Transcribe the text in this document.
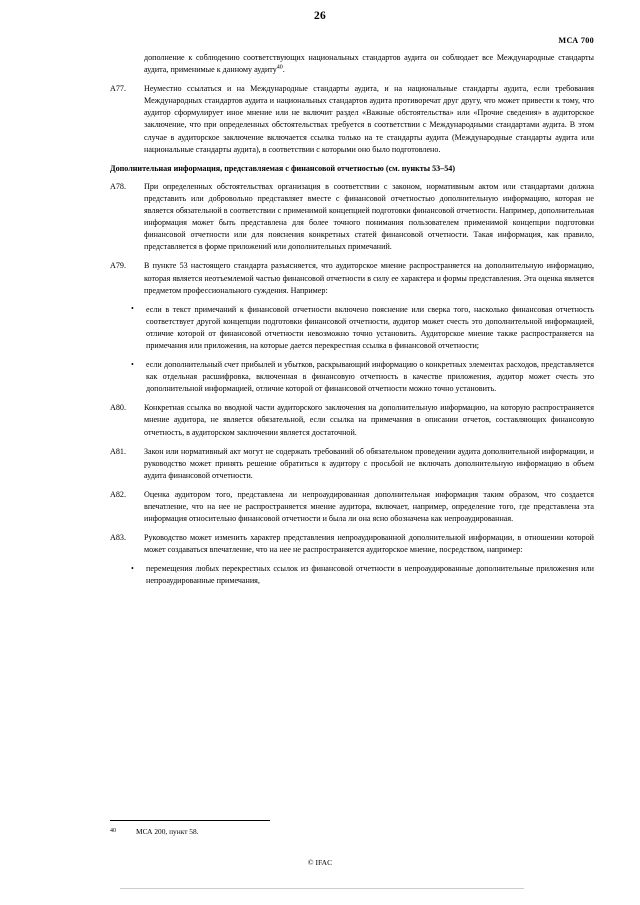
26
МСА 700
дополнение к соблюдению соответствующих национальных стандартов аудита он соблюдает все Международные стандарты аудита, применимые к данному аудиту$^{40}$.
A77.	Неуместно ссылаться и на Международные стандарты аудита, и на национальные стандарты аудита, если требования Международных стандартов аудита и национальных стандартов аудита противоречат друг другу, что может привести к тому, что аудитор сформулирует иное мнение или не включит раздел «Важные обстоятельства» или «Прочие сведения» в аудиторское заключение, что при определенных обстоятельствах требуется в соответствии с Международными стандартами аудита. В этом случае в аудиторское заключение включается ссылка только на те стандарты аудита (Международные стандарты аудита или национальные стандарты аудита), в соответствии с которыми оно было подготовлено.
Дополнительная информация, представляемая с финансовой отчетностью (см. пункты 53–54)
A78.	При определенных обстоятельствах организация в соответствии с законом, нормативным актом или стандартами должна представить или добровольно представляет вместе с финансовой отчетностью дополнительную информацию, которая не является обязательной в соответствии с применимой концепцией подготовки финансовой отчетности. Например, дополнительная информация может быть представлена для более точного понимания пользователем применимой концепции подготовки финансовой отчетности или для пояснения конкретных статей финансовой отчетности. Такая информация, как правило, представляется в форме приложений или дополнительных примечаний.
A79.	В пункте 53 настоящего стандарта разъясняется, что аудиторское мнение распространяется на дополнительную информацию, которая является неотъемлемой частью финансовой отчетности в силу ее характера и формы представления. Эта оценка является предметом профессионального суждения. Например:
• если в текст примечаний к финансовой отчетности включено пояснение или сверка того, насколько финансовая отчетность соответствует другой концепции подготовки финансовой отчетности, аудитор может счесть это дополнительной информацией, отличие которой от финансовой отчетности невозможно точно установить. Аудиторское мнение также распространяется на примечания или приложения, на которые дается перекрестная ссылка в финансовой отчетности;
• если дополнительный счет прибылей и убытков, раскрывающий информацию о конкретных элементах расходов, представляется как отдельная расшифровка, включенная в финансовую отчетность в качестве приложения, аудитор может счесть это дополнительной информацией, отличие которой от финансовой отчетности можно точно установить.
A80.	Конкретная ссылка во вводной части аудиторского заключения на дополнительную информацию, на которую распространяется мнение аудитора, не является обязательной, если ссылка на примечания в описании отчетов, составляющих финансовую отчетность, в аудиторском заключении является достаточной.
A81.	Закон или нормативный акт могут не содержать требований об обязательном проведении аудита дополнительной информации, и руководство может принять решение обратиться к аудитору с просьбой не включать дополнительную информацию в объем аудита финансовой отчетности.
A82.	Оценка аудитором того, представлена ли непроаудированная дополнительная информация таким образом, что создается впечатление, что на нее не распространяется мнение аудитора, включает, например, определение того, где представлена эта информация относительно финансовой отчетности и была ли она ясно обозначена как непроаудированная.
A83.	Руководство может изменить характер представления непроаудированной дополнительной информации, в отношении которой может создаваться впечатление, что на нее не распространяется аудиторское мнение, посредством, например:
• перемещения любых перекрестных ссылок из финансовой отчетности в непроаудированные дополнительные приложения или непроаудированные примечания,
40	МСА 200, пункт 58.
© IFAC
